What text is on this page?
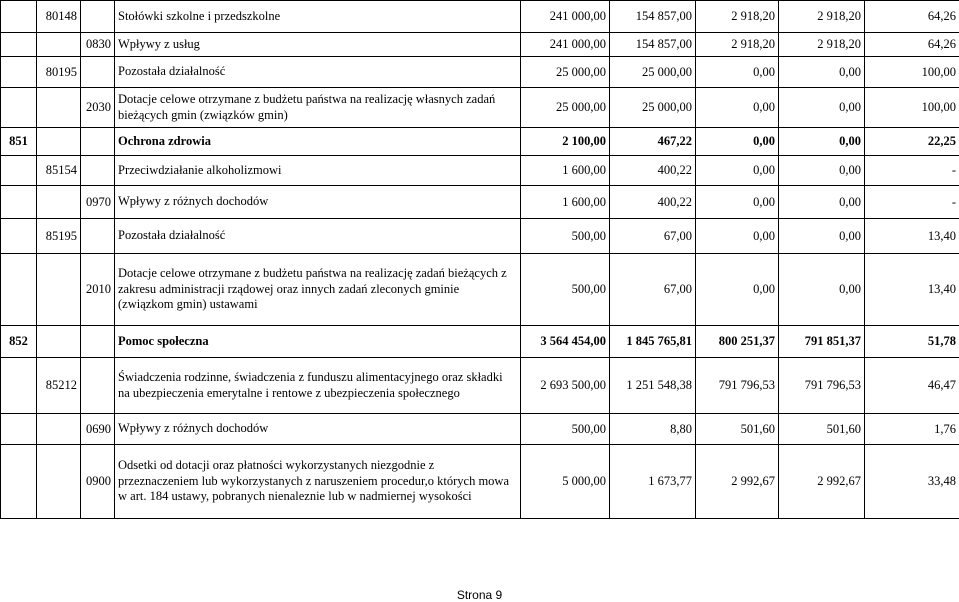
	80148		Stołówki szkolne i przedszkolne	241 000,00	154 857,00	2 918,20	2 918,20	64,26
		0830	Wpływy z usług	241 000,00	154 857,00	2 918,20	2 918,20	64,26
	80195		Pozostała działalność	25 000,00	25 000,00	0,00	0,00	100,00
		2030	Dotacje celowe otrzymane z budżetu państwa na realizację własnych zadań bieżących gmin (związków gmin)	25 000,00	25 000,00	0,00	0,00	100,00
851			Ochrona zdrowia	2 100,00	467,22	0,00	0,00	22,25
	85154		Przeciwdziałanie alkoholizmowi	1 600,00	400,22	0,00	0,00	-
		0970	Wpływy z różnych dochodów	1 600,00	400,22	0,00	0,00	-
	85195		Pozostała działalność	500,00	67,00	0,00	0,00	13,40
		2010	Dotacje celowe otrzymane z budżetu państwa na realizację zadań bieżących z zakresu administracji rządowej oraz innych zadań zleconych gminie (związkom gmin) ustawami	500,00	67,00	0,00	0,00	13,40
852			Pomoc społeczna	3 564 454,00	1 845 765,81	800 251,37	791 851,37	51,78
	85212		Świadczenia rodzinne, świadczenia z funduszu alimentacyjnego oraz składki na ubezpieczenia emerytalne i rentowe z ubezpieczenia społecznego	2 693 500,00	1 251 548,38	791 796,53	791 796,53	46,47
		0690	Wpływy z różnych dochodów	500,00	8,80	501,60	501,60	1,76
		0900	Odsetki od dotacji oraz płatności wykorzystanych niezgodnie z przeznaczeniem lub wykorzystanych z naruszeniem procedur,o których mowa w art. 184 ustawy, pobranych nienaleznie lub w nadmiernej wysokości	5 000,00	1 673,77	2 992,67	2 992,67	33,48
Strona 9
